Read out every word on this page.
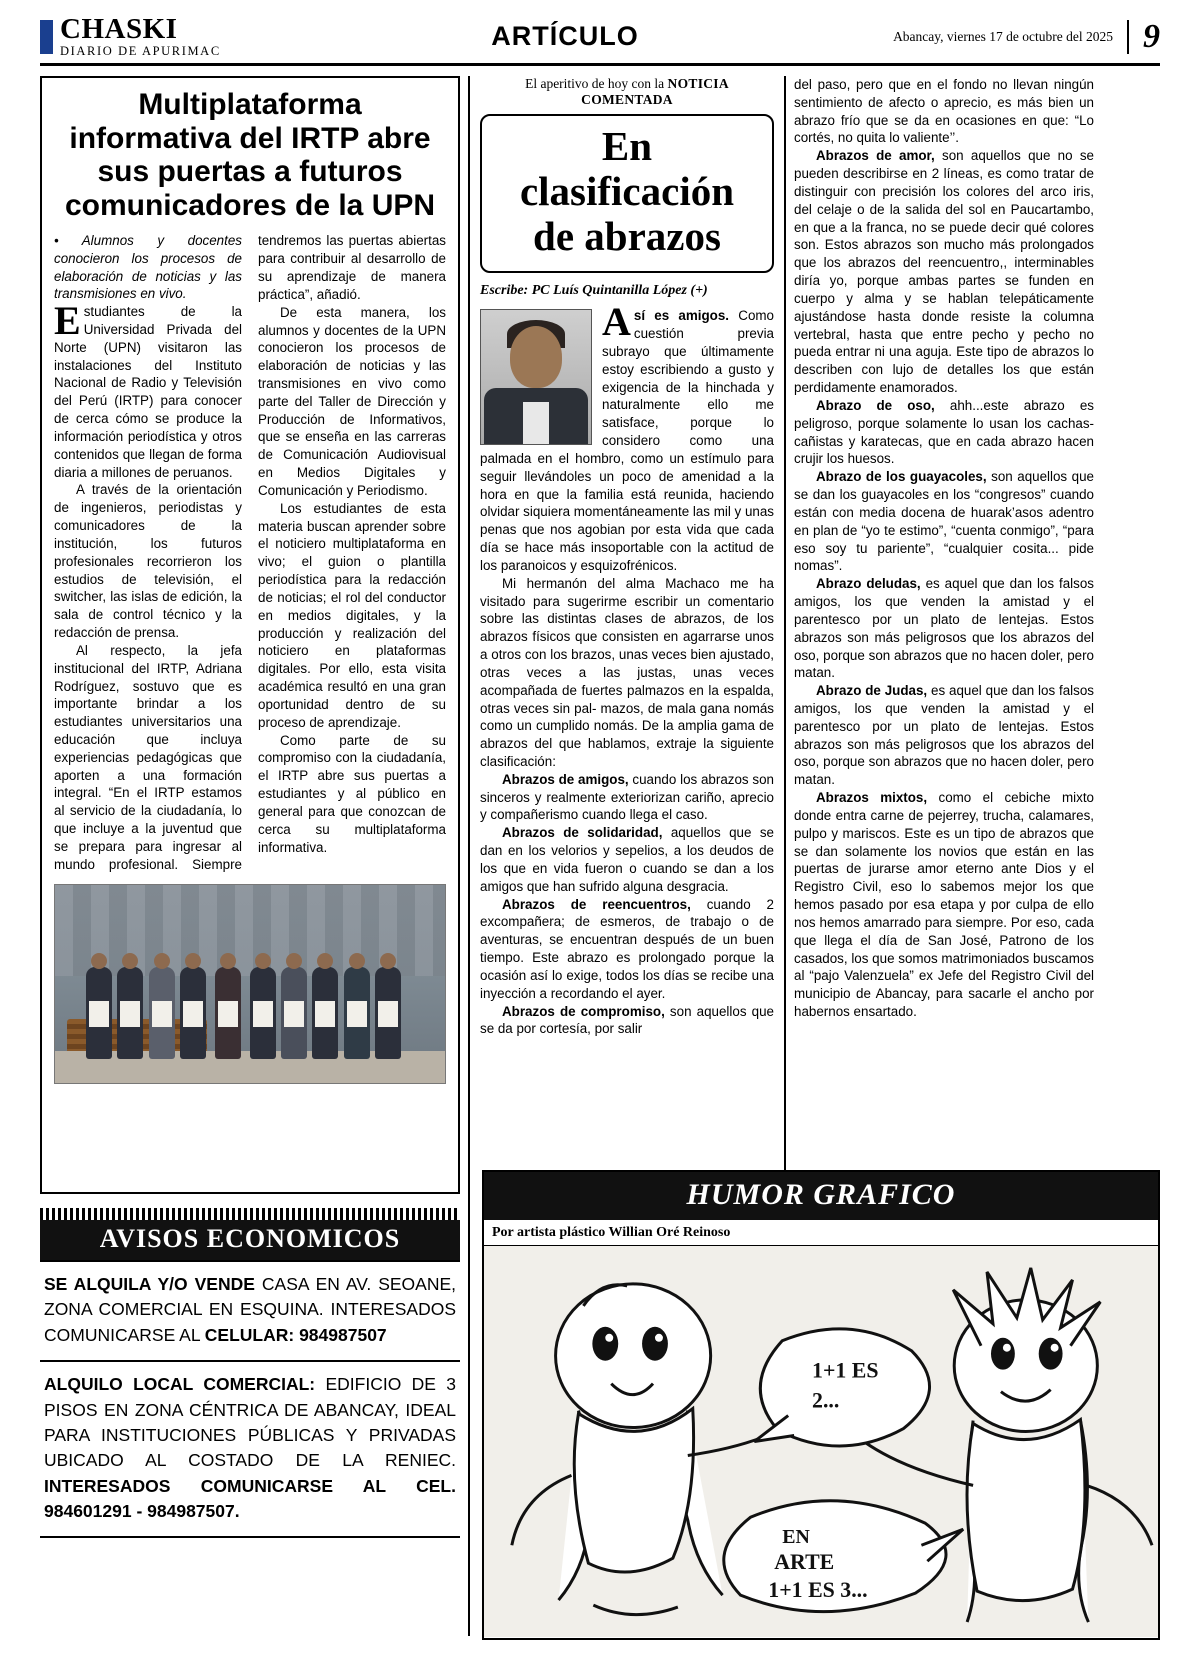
CHASKI
DIARIO DE APURIMAC
ARTÍCULO	Abancay, viernes 17 de octubre del 2025 9
Multiplataforma informativa del IRTP abre sus puertas a futuros comunicadores de la UPN

• Alumnos y docentes conocieron los procesos de elaboración de noticias y las transmisiones en vivo.

Estudiantes de la Universidad Privada del Norte (UPN) visitaron las instalaciones del Instituto Nacional de Radio y Televisión del Perú (IRTP) para conocer de cerca cómo se produce la información periodística y otros contenidos que llegan de forma diaria a millones de peruanos.

A través de la orientación de ingenieros, periodistas y comunicadores de la institución, los futuros profesionales recorrieron los estudios de televisión, el switcher, las islas de edición, la sala de control técnico y la redacción de prensa.

Al respecto, la jefa institucional del IRTP, Adriana Rodríguez, sostuvo que es importante brindar a los estudiantes universitarios una educación que incluya experiencias pedagógicas que aporten a una formación integral. “En el IRTP estamos al servicio de la ciudadanía, lo que incluye a la juventud que se prepara para ingresar al mundo profesional. Siempre tendremos las puertas abiertas para contribuir al desarrollo de su aprendizaje de manera práctica”, añadió.

De esta manera, los alumnos y docentes de la UPN conocieron los procesos de elaboración de noticias y las transmisiones en vivo como parte del Taller de Dirección y Producción de Informativos, que se enseña en las carreras de Comunicación Audiovisual en Medios Digitales y Comunicación y Periodismo.

Los estudiantes de esta materia buscan aprender sobre el noticiero multiplataforma en vivo; el guion o plantilla periodística para la redacción de noticias; el rol del conductor en medios digitales, y la producción y realización del noticiero en plataformas digitales. Por ello, esta visita académica resultó en una gran oportunidad dentro de su proceso de aprendizaje.

Como parte de su compromiso con la ciudadanía, el IRTP abre sus puertas a estudiantes y al público en general para que conozcan de cerca su multiplataforma informativa.

AVISOS ECONOMICOS
SE ALQUILA Y/O VENDE CASA EN AV. SEOANE, ZONA COMERCIAL EN ESQUINA. INTERESADOS COMUNICARSE AL CELULAR: 984987507
ALQUILO LOCAL COMERCIAL: EDIFICIO DE 3 PISOS EN ZONA CÉNTRICA DE ABANCAY, IDEAL PARA INSTITUCIONES PÚBLICAS Y PRIVADAS UBICADO AL COSTADO DE LA RENIEC. INTERESADOS COMUNICARSE AL CEL. 984601291 - 984987507.
El aperitivo de hoy con la NOTICIA COMENTADA
En
clasificación
de abrazos
Escribe: PC Luís Quintanilla López (+)

Así es amigos. Como cuestión previa subrayo que últimamente estoy escribiendo a gusto y exigencia de la hinchada y naturalmente ello me satisface, porque lo considero como una palmada en el hombro, como un estímulo para seguir llevándoles un poco de amenidad a la hora en que la familia está reunida, haciendo olvidar siquiera momentáneamente las mil y unas penas que nos agobian por esta vida que cada día se hace más insoportable con la actitud de los paranoicos y esquizofrénicos.

Mi hermanón del alma Machaco me ha visitado para sugerirme escribir un comentario sobre las distintas clases de abrazos, de los abrazos físicos que consisten en agarrarse unos a otros con los brazos, unas veces bien ajustado, otras veces a las justas, unas veces acompañada de fuertes palmazos en la espalda, otras veces sin pal- mazos, de mala gana nomás como un cumplido nomás. De la amplia gama de abrazos del que hablamos, extraje la siguiente clasificación:

Abrazos de amigos, cuando los abrazos son sinceros y realmente exteriorizan cariño, aprecio y compañerismo cuando llega el caso.

Abrazos de solidaridad, aquellos que se dan en los velorios y sepelios, a los deudos de los que en vida fueron o cuando se dan a los amigos que han sufrido alguna desgracia.

Abrazos de reencuentros, cuando 2 excompañera; de esmeros, de trabajo o de aventuras, se encuentran después de un buen tiempo. Este abrazo es prolongado porque la ocasión así lo exige, todos los días se recibe una inyección a recordando el ayer.

Abrazos de compromiso, son aquellos que se da por cortesía, por salir

del paso, pero que en el fondo no llevan ningún sentimiento de afecto o aprecio, es más bien un abrazo frío que se da en ocasiones en que: “Lo cortés, no quita lo valiente’’.

Abrazos de amor, son aquellos que no se pueden describirse en 2 líneas, es como tratar de distinguir con precisión los colores del arco iris, del celaje o de la salida del sol en Paucartambo, en que a la franca, no se puede decir qué colores son. Estos abrazos son mucho más prolongados que los abrazos del reencuentro,, interminables diría yo, porque ambas partes se funden en cuerpo y alma y se hablan telepáticamente ajustándose hasta donde resiste la columna vertebral, hasta que entre pecho y pecho no pueda entrar ni una aguja. Este tipo de abrazos lo describen con lujo de detalles los que están perdidamente enamorados.

Abrazo de oso, ahh...este abrazo es peligroso, porque solamente lo usan los cachas- cañistas y karatecas, que en cada abrazo hacen crujir los huesos.

Abrazo de los guayacoles, son aquellos que se dan los guayacoles en los “congresos” cuando están con media docena de huarak’asos adentro en plan de “yo te estimo”, “cuenta conmigo”, “para eso soy tu pariente”, “cualquier cosita... pide nomas”.

Abrazo deludas, es aquel que dan los falsos amigos, los que venden la amistad y el parentesco por un plato de lentejas. Estos abrazos son más peligrosos que los abrazos del oso, porque son abrazos que no hacen doler, pero matan.

Abrazo de Judas, es aquel que dan los falsos amigos, los que venden la amistad y el parentesco por un plato de lentejas. Estos abrazos son más peligrosos que los abrazos del oso, porque son abrazos que no hacen doler, pero matan.

Abrazos mixtos, como el cebiche mixto donde entra carne de pejerrey, trucha, calamares, pulpo y mariscos. Este es un tipo de abrazos que se dan solamente los novios que están en las puertas de jurarse amor eterno ante Dios y el Registro Civil, eso lo sabemos mejor los que hemos pasado por esa etapa y por culpa de ello nos hemos amarrado para siempre. Por eso, cada que llega el día de San José, Patrono de los casados, los que somos matrimoniados buscamos al “pajo Valenzuela” ex Jefe del Registro Civil del municipio de Abancay, para sacarle el ancho por habernos ensartado.

HUMOR GRAFICO
Por artista plástico Willian Oré Reinoso
1+1 ES
2...
EN
ARTE
1+1 ES 3...
